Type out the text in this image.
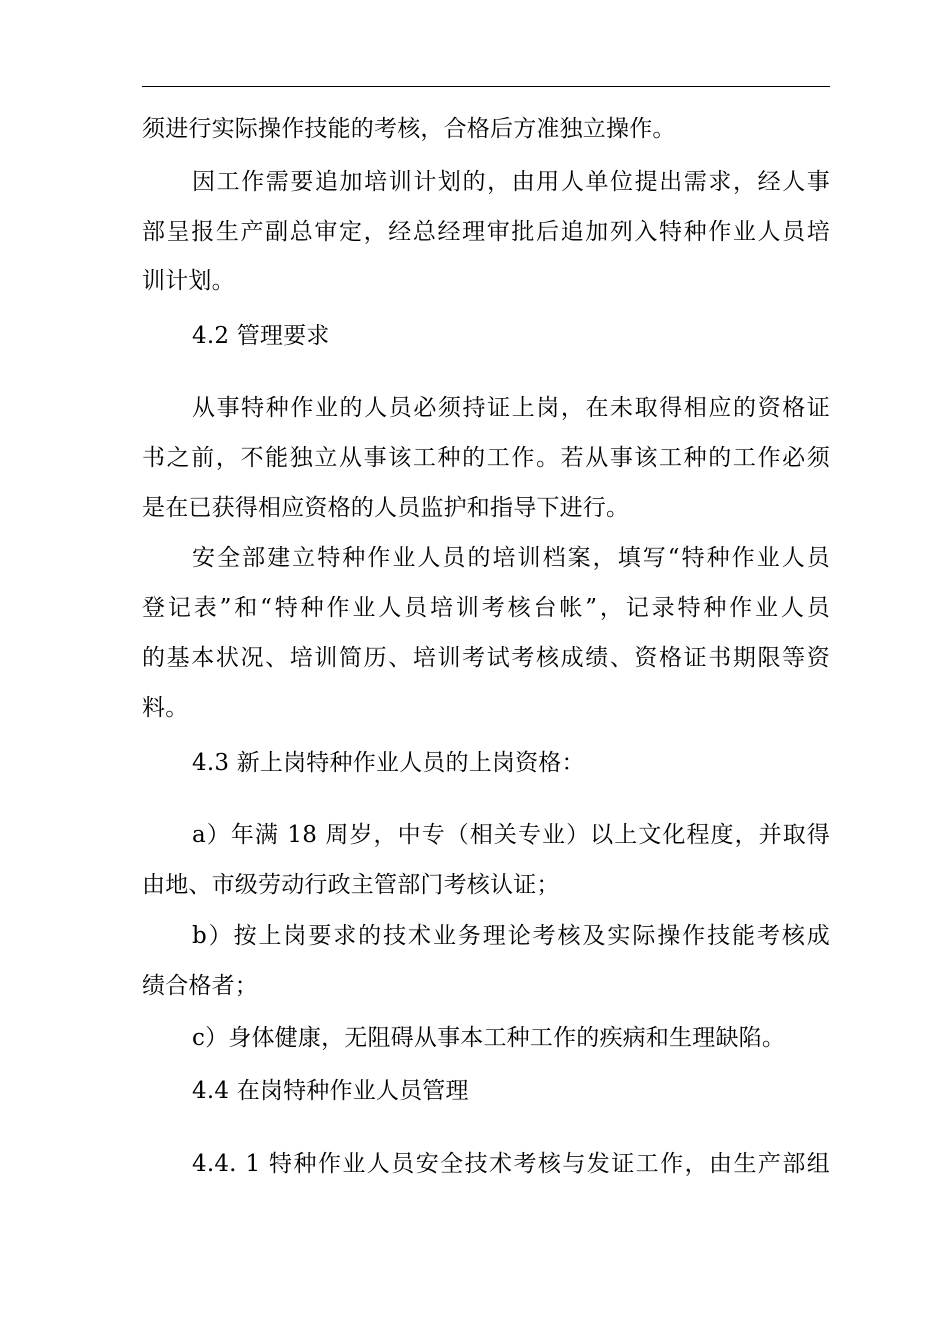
须进行实际操作技能的考核，合格后方准独立操作。
因工作需要追加培训计划的，由用人单位提出需求，经人事
部呈报生产副总审定，经总经理审批后追加列入特种作业人员培
训计划。
4.2 管理要求
从事特种作业的人员必须持证上岗，在未取得相应的资格证
书之前，不能独立从事该工种的工作。若从事该工种的工作必须
是在已获得相应资格的人员监护和指导下进行。
安全部建立特种作业人员的培训档案，填写“特种作业人员
登记表”和“特种作业人员培训考核台帐”，记录特种作业人员
的基本状况、培训简历、培训考试考核成绩、资格证书期限等资
料。
4.3 新上岗特种作业人员的上岗资格：
a）年满 18 周岁，中专（相关专业）以上文化程度，并取得
由地、市级劳动行政主管部门考核认证；
b）按上岗要求的技术业务理论考核及实际操作技能考核成
绩合格者；
c）身体健康，无阻碍从事本工种工作的疾病和生理缺陷。
4.4 在岗特种作业人员管理
4.4. 1 特种作业人员安全技术考核与发证工作，由生产部组
